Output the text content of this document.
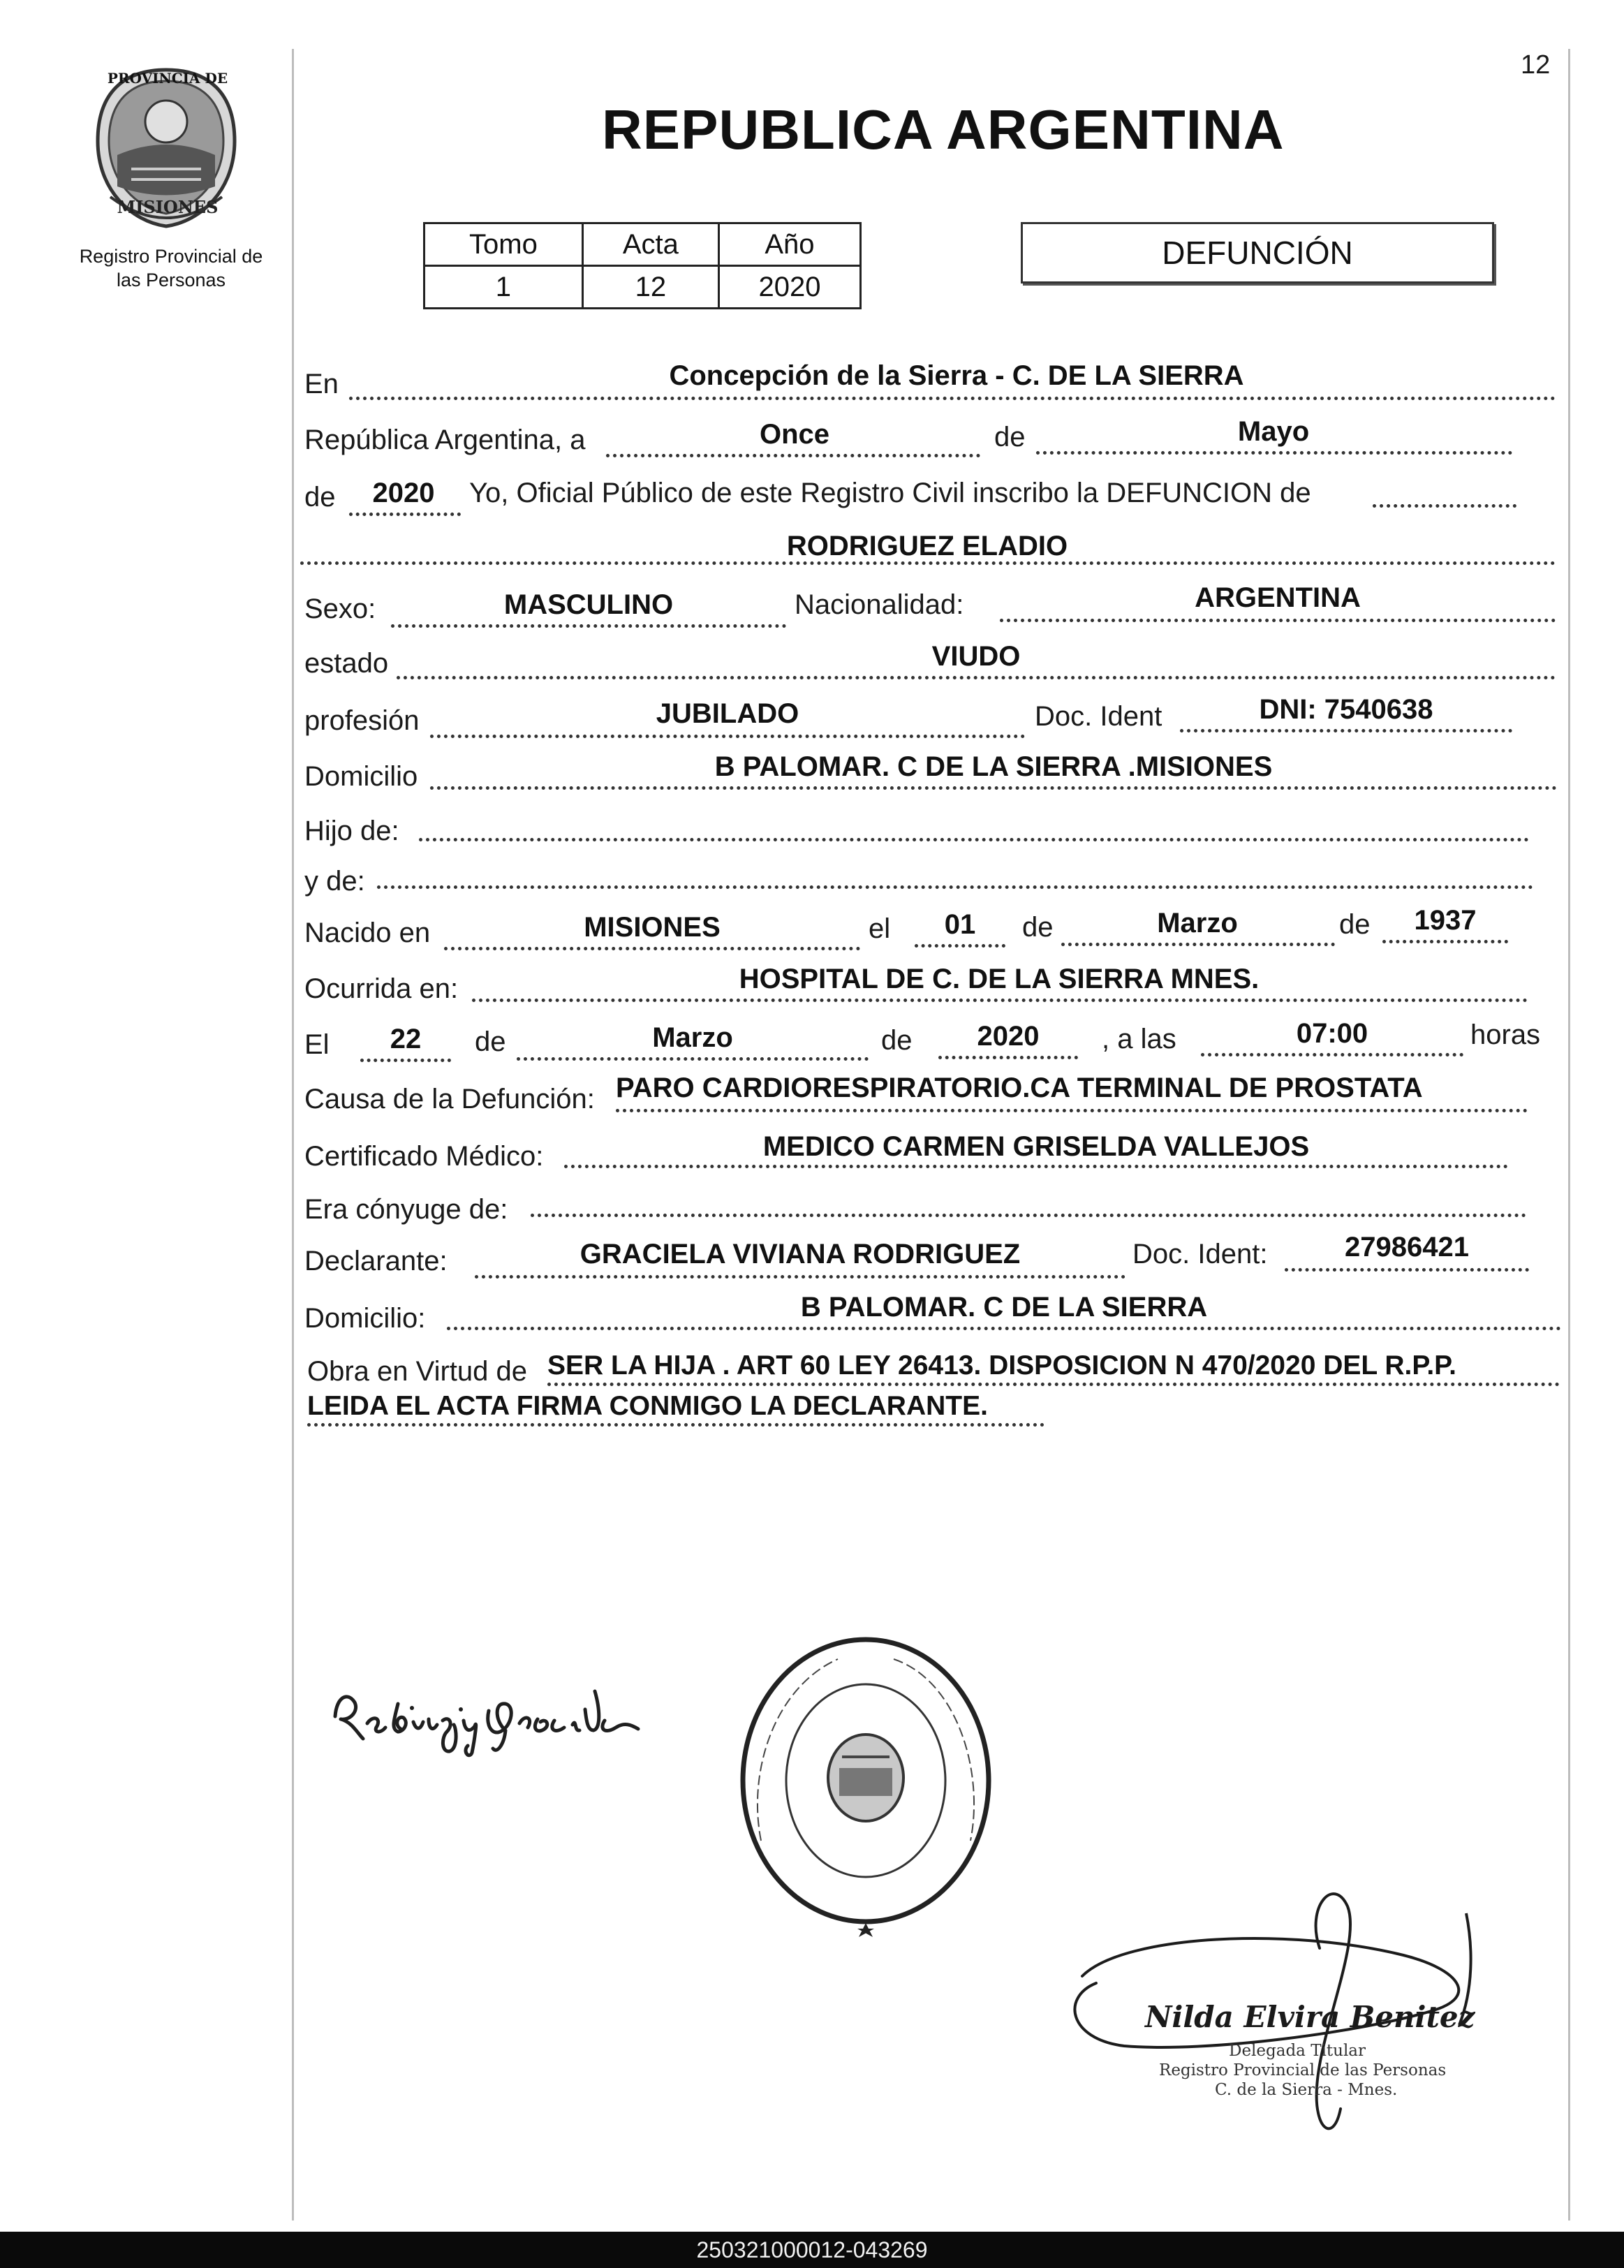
12
PROVINCIA DE
MISIONES
Registro Provincial de
las Personas
REPUBLICA ARGENTINA
Tomo	Acta	Año
1	12	2020
DEFUNCIÓN
En	Concepción de la Sierra - C. DE LA SIERRA
República Argentina, a	Once	de	Mayo
de	2020	Yo, Oficial Público de este Registro Civil inscribo la DEFUNCION de
RODRIGUEZ ELADIO
Sexo:	MASCULINO	Nacionalidad:	ARGENTINA
estado	VIUDO
profesión	JUBILADO	Doc. Ident	DNI: 7540638
Domicilio	B PALOMAR. C DE LA SIERRA .MISIONES
Hijo de:
y de:
Nacido en	MISIONES	el	01	de	Marzo	de	1937
Ocurrida en:	HOSPITAL DE C. DE LA SIERRA MNES.
El	22	de	Marzo	de	2020	, a las	07:00	horas
Causa de la Defunción: PARO CARDIORESPIRATORIO.CA TERMINAL DE PROSTATA
Certificado Médico:	MEDICO CARMEN GRISELDA VALLEJOS
Era cónyuge de:
Declarante:	GRACIELA VIVIANA RODRIGUEZ	Doc. Ident:	27986421
Domicilio:	B PALOMAR. C DE LA SIERRA
Obra en Virtud de SER LA HIJA . ART 60 LEY 26413. DISPOSICION N 470/2020 DEL R.P.P.
LEIDA EL ACTA FIRMA CONMIGO LA DECLARANTE.
Nilda Elvira Benitez
Delegada Titular
Registro Provincial de las Personas
C. de la Sierra - Mnes.
250321000012-043269
